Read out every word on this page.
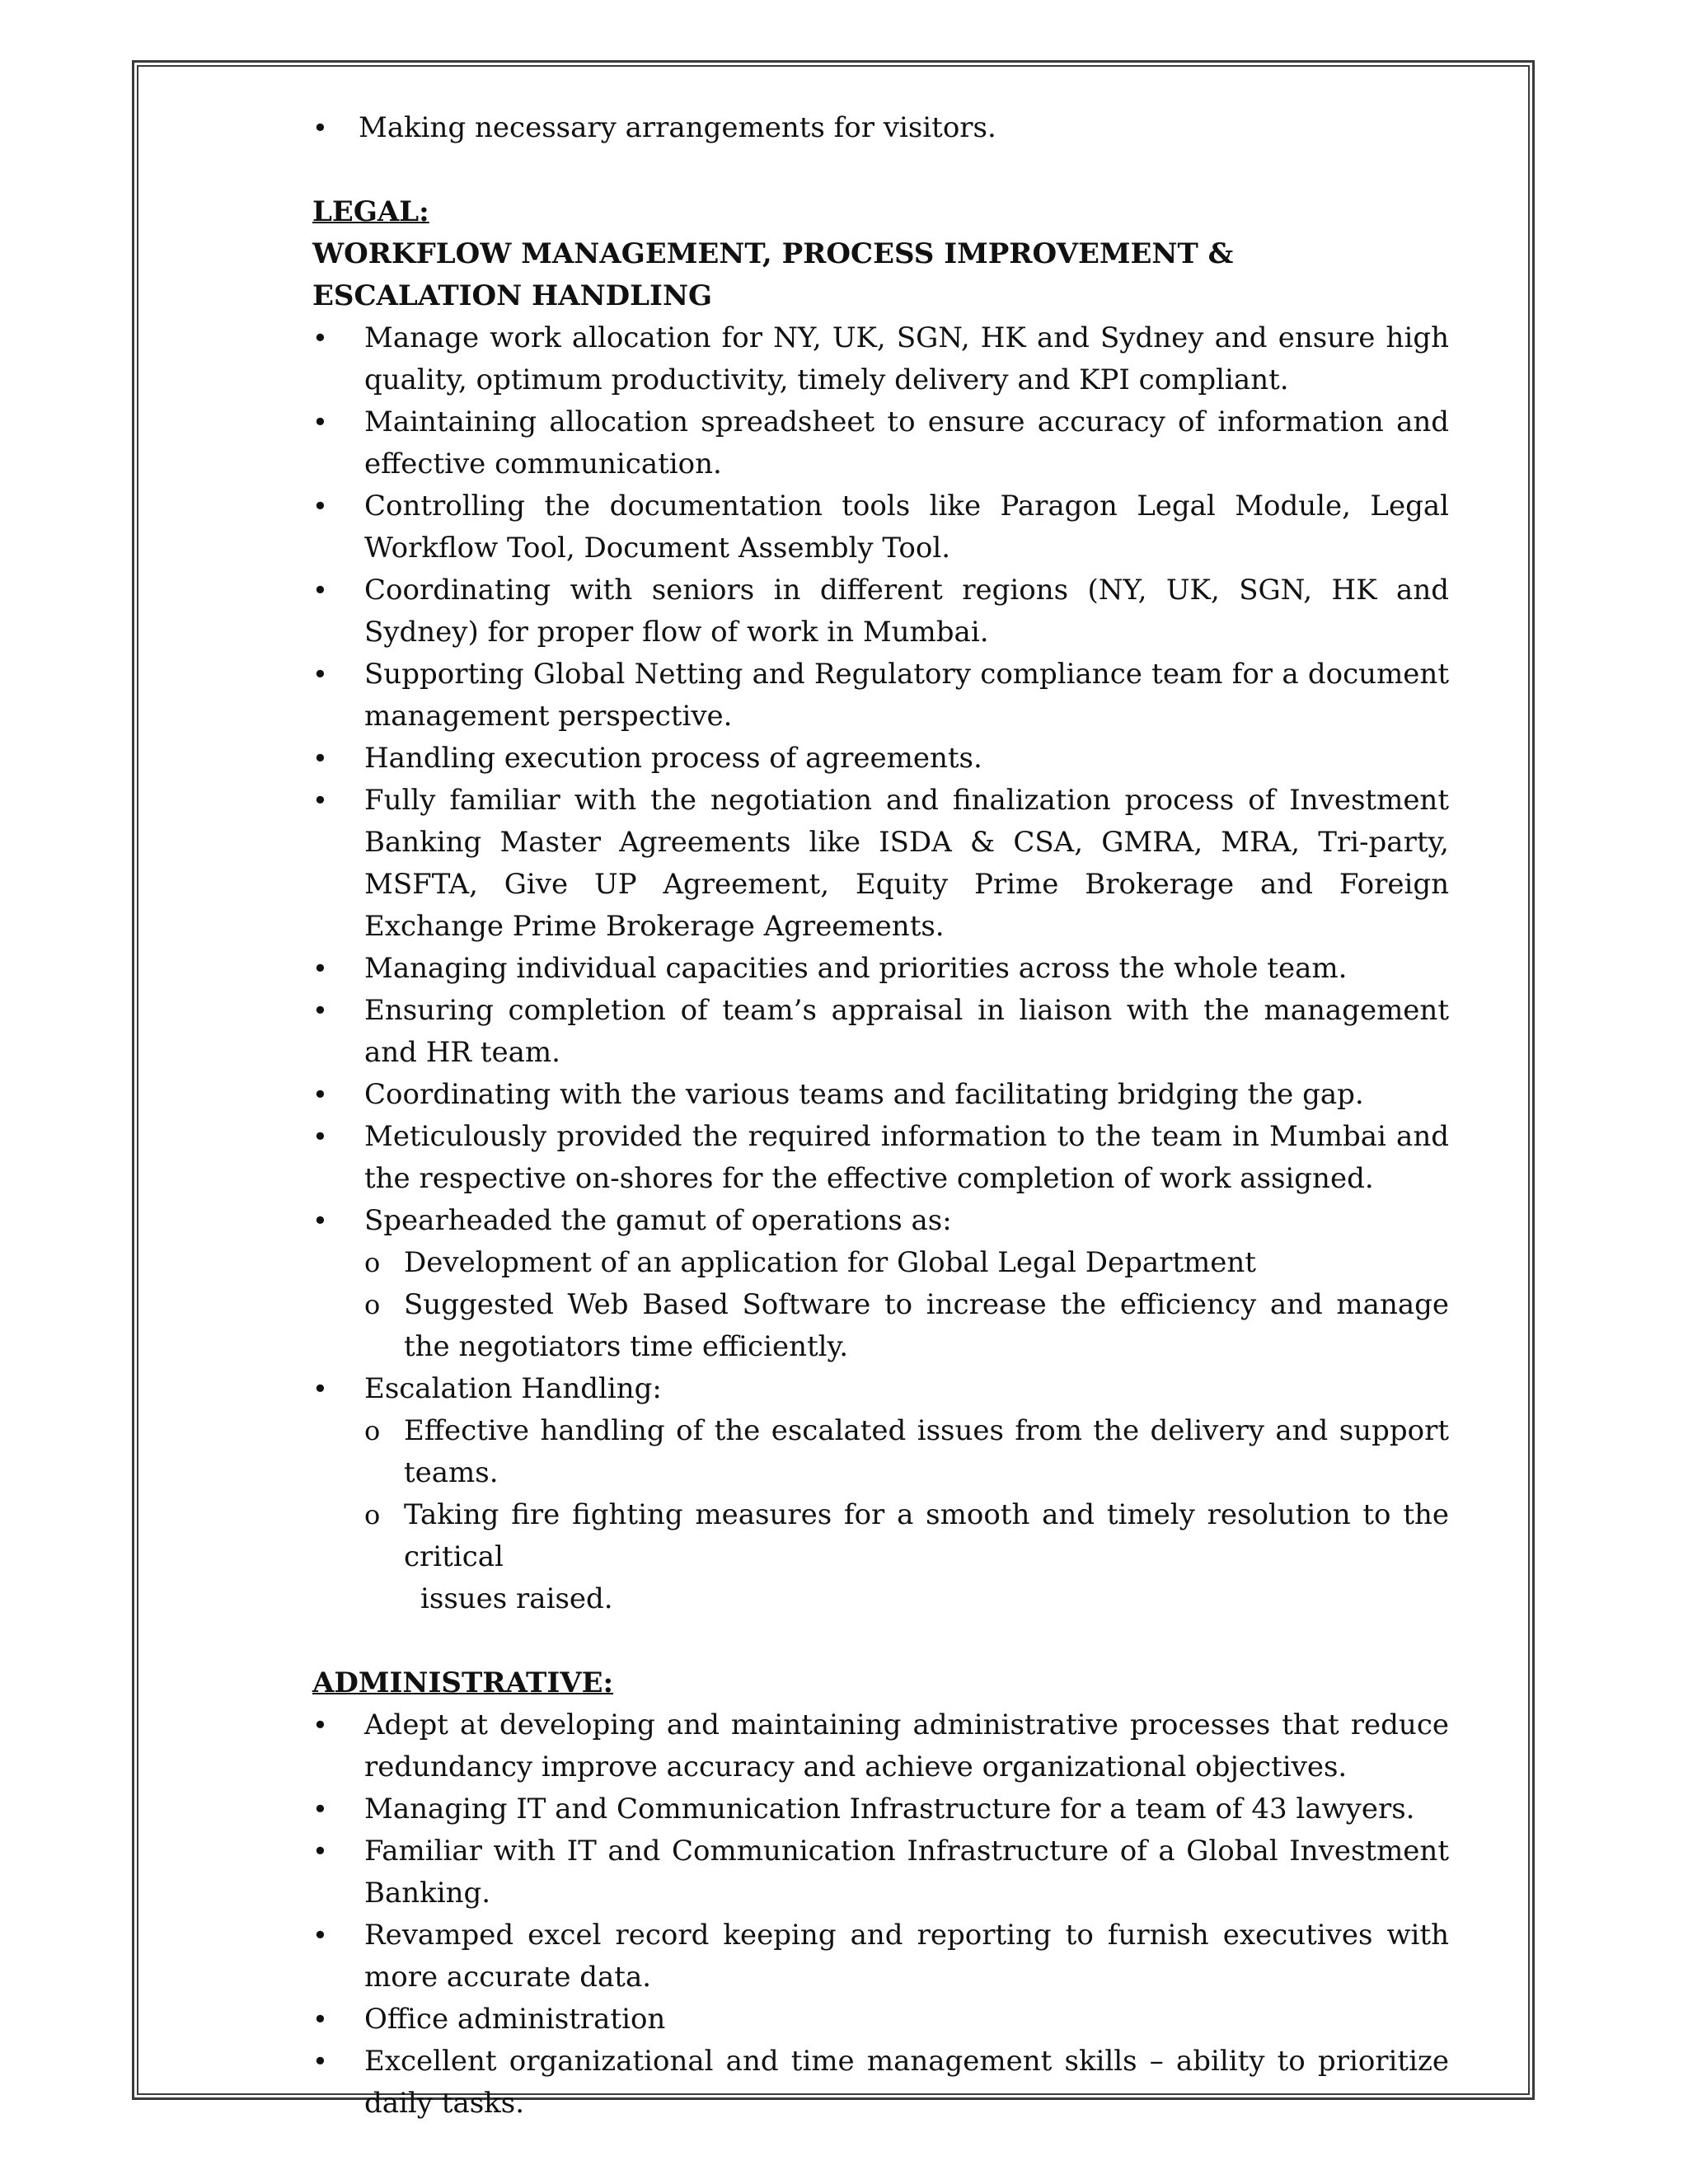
•	Making necessary arrangements for visitors.
LEGAL:
WORKFLOW MANAGEMENT, PROCESS IMPROVEMENT & ESCALATION HANDLING
•	Manage work allocation for NY, UK, SGN, HK and Sydney and ensure high quality, optimum productivity, timely delivery and KPI compliant.
•	Maintaining allocation spreadsheet to ensure accuracy of information and effective communication.
•	Controlling the documentation tools like Paragon Legal Module, Legal Workflow Tool, Document Assembly Tool.
•	Coordinating with seniors in different regions (NY, UK, SGN, HK and Sydney) for proper flow of work in Mumbai.
•	Supporting Global Netting and Regulatory compliance team for a document management perspective.
•	Handling execution process of agreements.
•	Fully familiar with the negotiation and finalization process of Investment Banking Master Agreements like ISDA & CSA, GMRA, MRA, Tri-party, MSFTA, Give UP Agreement, Equity Prime Brokerage and Foreign Exchange Prime Brokerage Agreements.
•	Managing individual capacities and priorities across the whole team.
•	Ensuring completion of team’s appraisal in liaison with the management and HR team.
•	Coordinating with the various teams and facilitating bridging the gap.
•	Meticulously provided the required information to the team in Mumbai and the respective on-shores for the effective completion of work assigned.
•	Spearheaded the gamut of operations as:
o Development of an application for Global Legal Department
o Suggested Web Based Software to increase the efficiency and manage the negotiators time efficiently.
•	Escalation Handling:
o Effective handling of the escalated issues from the delivery and support teams.
o Taking fire fighting measures for a smooth and timely resolution to the critical
issues raised.
ADMINISTRATIVE:
•	Adept at developing and maintaining administrative processes that reduce redundancy improve accuracy and achieve organizational objectives.
•	Managing IT and Communication Infrastructure for a team of 43 lawyers.
•	Familiar with IT and Communication Infrastructure of a Global Investment Banking.
•	Revamped excel record keeping and reporting to furnish executives with more accurate data.
•	Office administration
•	Excellent organizational and time management skills – ability to prioritize daily tasks.
